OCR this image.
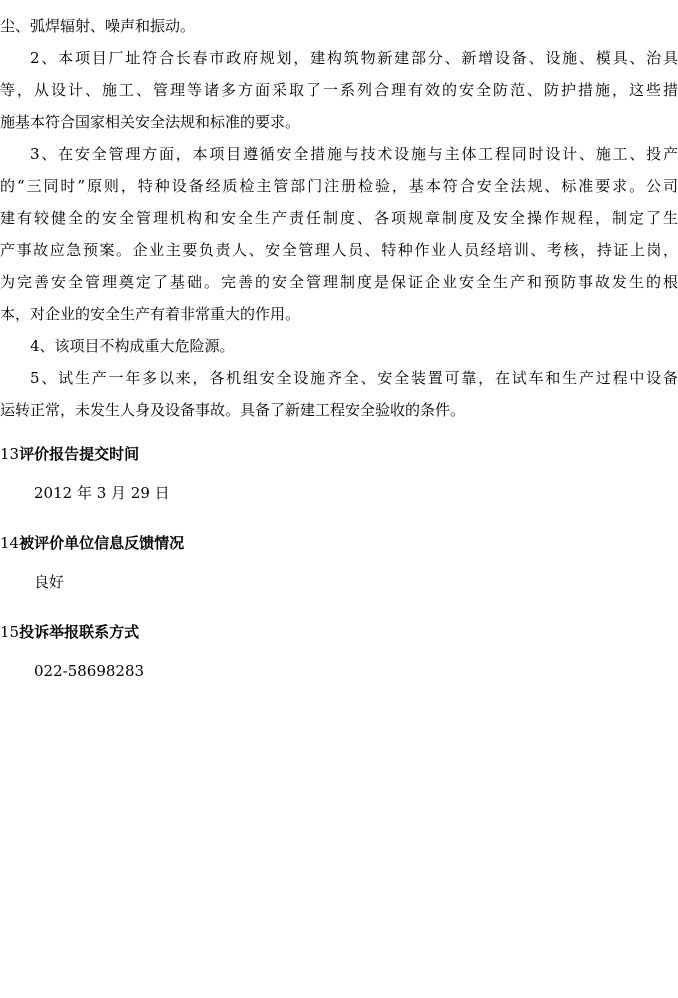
尘、弧焊辐射、噪声和振动。
2、本项目厂址符合长春市政府规划，建构筑物新建部分、新增设备、设施、模具、治具
等，从设计、施工、管理等诸多方面采取了一系列合理有效的安全防范、防护措施，这些措
施基本符合国家相关安全法规和标准的要求。
3、在安全管理方面，本项目遵循安全措施与技术设施与主体工程同时设计、施工、投产
的“三同时”原则，特种设备经质检主管部门注册检验，基本符合安全法规、标准要求。公司
建有较健全的安全管理机构和安全生产责任制度、各项规章制度及安全操作规程，制定了生
产事故应急预案。企业主要负责人、安全管理人员、特种作业人员经培训、考核，持证上岗，
为完善安全管理奠定了基础。完善的安全管理制度是保证企业安全生产和预防事故发生的根
本，对企业的安全生产有着非常重大的作用。
4、该项目不构成重大危险源。
5、试生产一年多以来，各机组安全设施齐全、安全装置可靠，在试车和生产过程中设备
运转正常，未发生人身及设备事故。具备了新建工程安全验收的条件。
13评价报告提交时间
2012 年 3 月 29 日
14被评价单位信息反馈情况
良好
15投诉举报联系方式
022-58698283
